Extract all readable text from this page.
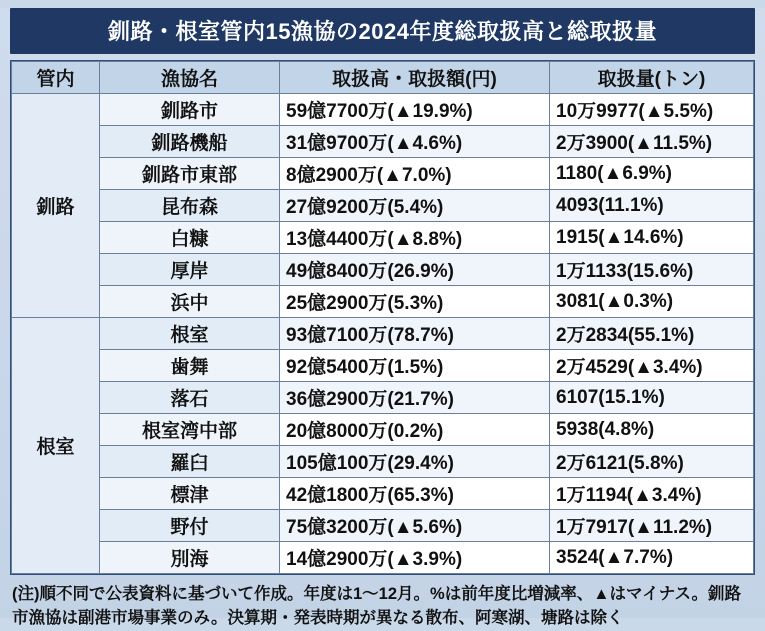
釧路・根室管内15漁協の2024年度総取扱高と総取扱量
管内	漁協名	取扱高・取扱額(円)	取扱量(トン)
釧路	釧路市	59億7700万(▲19.9%)	10万9977(▲5.5%)
	釧路機船	31億9700万(▲4.6%)	2万3900(▲11.5%)
	釧路市東部	8億2900万(▲7.0%)	1180(▲6.9%)
	昆布森	27億9200万(5.4%)	4093(11.1%)
	白糠	13億4400万(▲8.8%)	1915(▲14.6%)
	厚岸	49億8400万(26.9%)	1万1133(15.6%)
	浜中	25億2900万(5.3%)	3081(▲0.3%)
根室	根室	93億7100万(78.7%)	2万2834(55.1%)
	歯舞	92億5400万(1.5%)	2万4529(▲3.4%)
	落石	36億2900万(21.7%)	6107(15.1%)
	根室湾中部	20億8000万(0.2%)	5938(4.8%)
	羅臼	105億100万(29.4%)	2万6121(5.8%)
	標津	42億1800万(65.3%)	1万1194(▲3.4%)
	野付	75億3200万(▲5.6%)	1万7917(▲11.2%)
	別海	14億2900万(▲3.9%)	3524(▲7.7%)
(注)順不同で公表資料に基づいて作成。年度は1〜12月。%は前年度比増減率、▲はマイナス。釧路市漁協は副港市場事業のみ。決算期・発表時期が異なる散布、阿寒湖、塘路は除く
